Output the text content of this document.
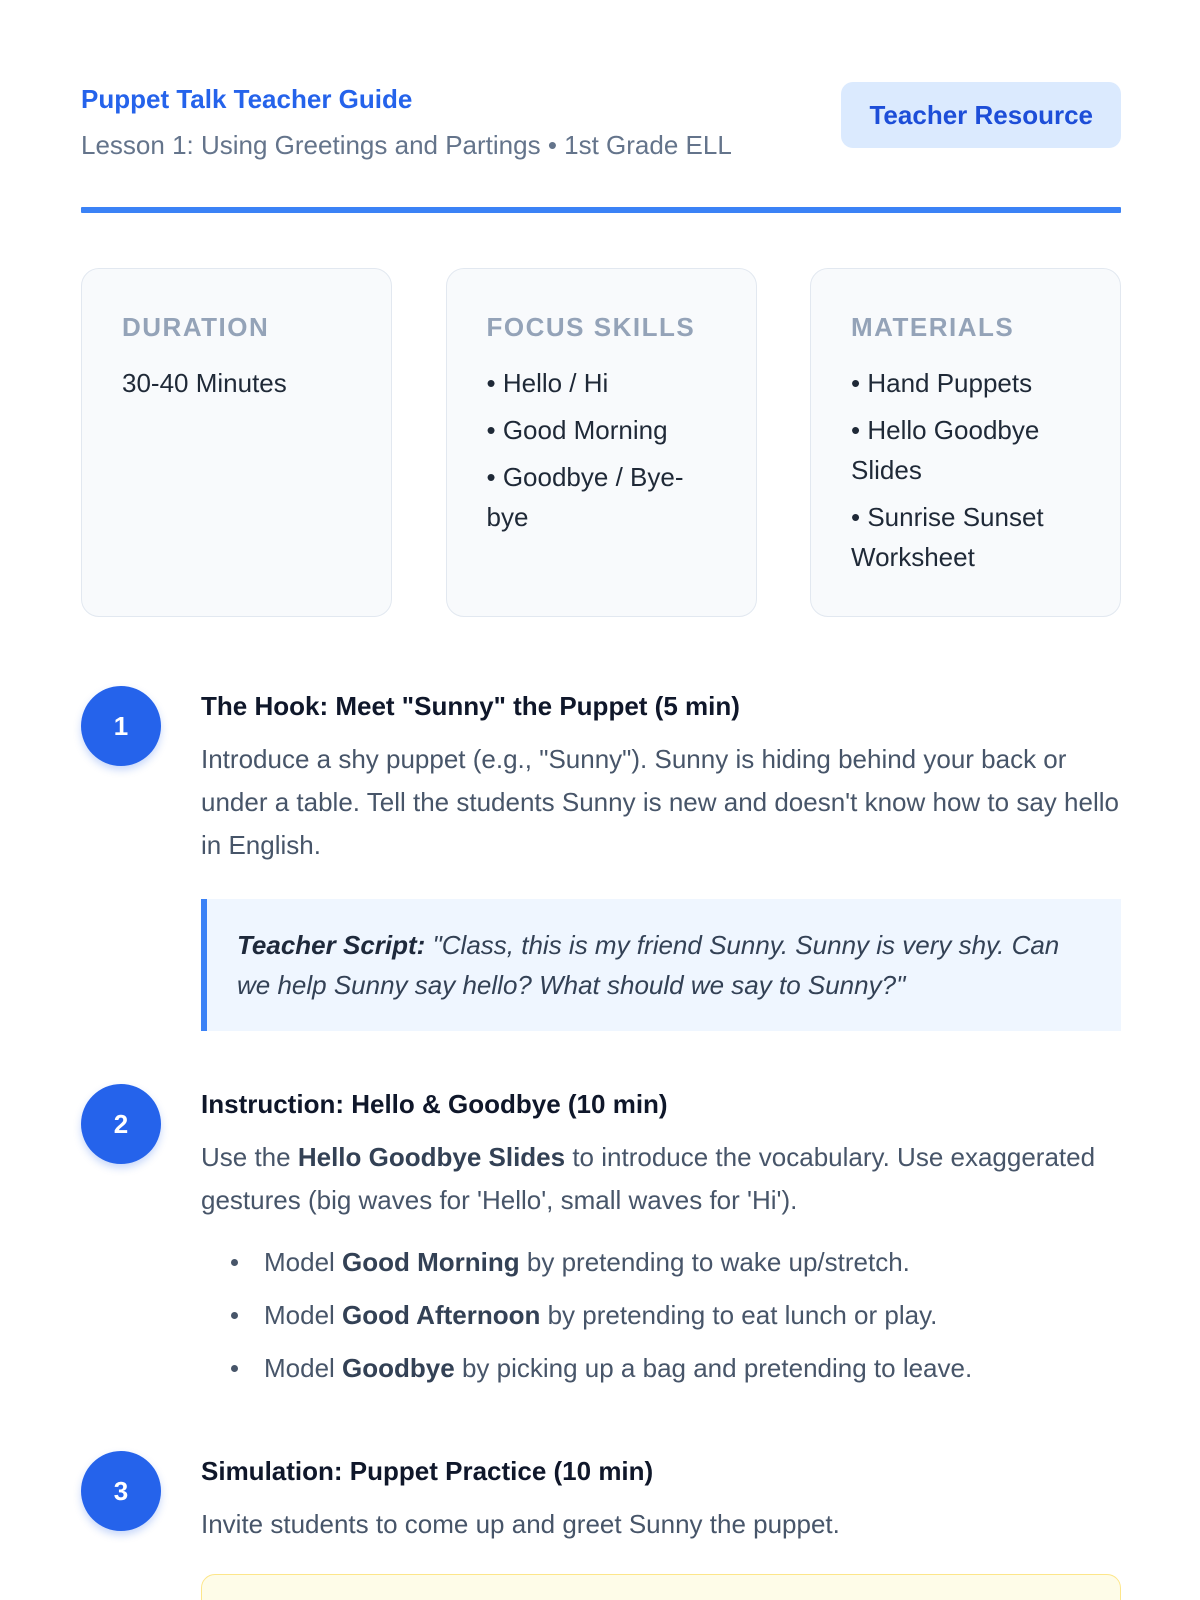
Puppet Talk Teacher Guide
Lesson 1: Using Greetings and Partings • 1st Grade ELL
Teacher Resource
DURATION
30-40 Minutes
FOCUS SKILLS
• Hello / Hi
• Good Morning
• Goodbye / Bye-bye
MATERIALS
• Hand Puppets
• Hello Goodbye Slides
• Sunrise Sunset Worksheet
1
The Hook: Meet "Sunny" the Puppet (5 min)
Introduce a shy puppet (e.g., "Sunny"). Sunny is hiding behind your back or under a table. Tell the students Sunny is new and doesn't know how to say hello in English.
Teacher Script: "Class, this is my friend Sunny. Sunny is very shy. Can we help Sunny say hello? What should we say to Sunny?"
2
Instruction: Hello & Goodbye (10 min)
Use the Hello Goodbye Slides to introduce the vocabulary. Use exaggerated gestures (big waves for 'Hello', small waves for 'Hi').
Model Good Morning by pretending to wake up/stretch.
Model Good Afternoon by pretending to eat lunch or play.
Model Goodbye by picking up a bag and pretending to leave.
3
Simulation: Puppet Practice (10 min)
Invite students to come up and greet Sunny the puppet.
